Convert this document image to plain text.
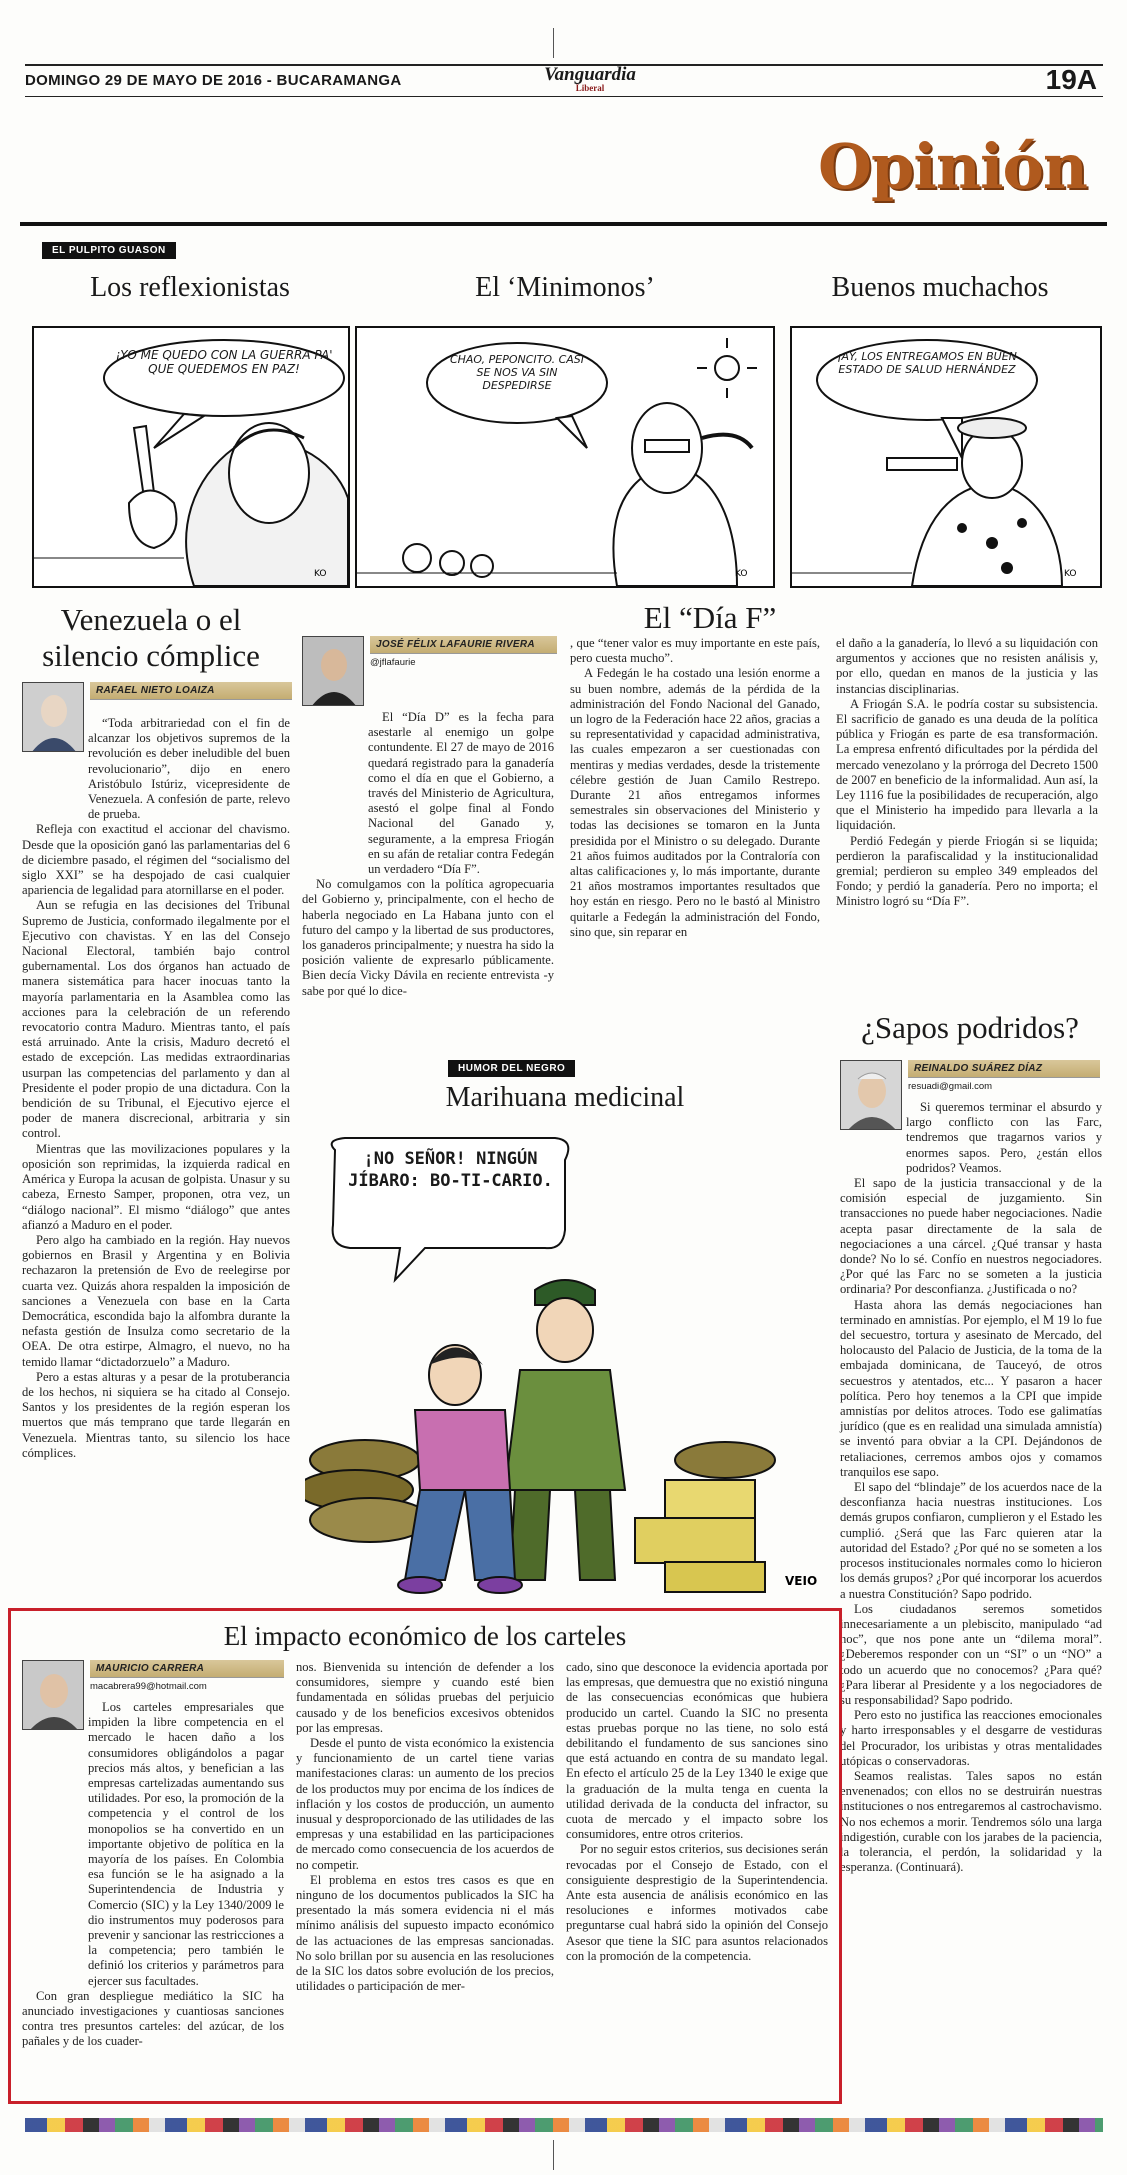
DOMINGO 29 DE MAYO DE 2016 - BUCARAMANGA	Vanguardia
Liberal	19A
Opinión
EL PULPITO GUASON
Los reflexionistas	El ‘Minimonos’	Buenos muchachos
¡YO ME QUEDO CON LA GUERRA PA' QUE QUEDEMOS EN PAZ!
KO
CHAO, PEPONCITO. CASI SE NOS VA SIN DESPEDIRSE
KO
¡AY, LOS ENTREGAMOS EN BUEN ESTADO DE SALUD HERNÁNDEZ
KO
Venezuela o el silencio cómplice
RAFAEL NIETO LOAIZA

“Toda arbitrariedad con el fin de alcanzar los objetivos supremos de la revolución es deber ineludible del buen revolucionario”, dijo en enero Aristóbulo Istúriz, vicepresidente de Venezuela. A confesión de parte, relevo de prueba.

Refleja con exactitud el accionar del chavismo. Desde que la oposición ganó las parlamentarias del 6 de diciembre pasado, el régimen del “socialismo del siglo XXI” se ha despojado de casi cualquier apariencia de legalidad para atornillarse en el poder.

Aun se refugia en las decisiones del Tribunal Supremo de Justicia, conformado ilegalmente por el Ejecutivo con chavistas. Y en las del Consejo Nacional Electoral, también bajo control gubernamental. Los dos órganos han actuado de manera sistemática para hacer inocuas tanto la mayoría parlamentaria en la Asamblea como las acciones para la celebración de un referendo revocatorio contra Maduro. Mientras tanto, el país está arruinado. Ante la crisis, Maduro decretó el estado de excepción. Las medidas extraordinarias usurpan las competencias del parlamento y dan al Presidente el poder propio de una dictadura. Con la bendición de su Tribunal, el Ejecutivo ejerce el poder de manera discrecional, arbitraria y sin control.

Mientras que las movilizaciones populares y la oposición son reprimidas, la izquierda radical en América y Europa la acusan de golpista. Unasur y su cabeza, Ernesto Samper, proponen, otra vez, un “diálogo nacional”. El mismo “diálogo” que antes afianzó a Maduro en el poder.

Pero algo ha cambiado en la región. Hay nuevos gobiernos en Brasil y Argentina y en Bolivia rechazaron la pretensión de Evo de reelegirse por cuarta vez. Quizás ahora respalden la imposición de sanciones a Venezuela con base en la Carta Democrática, escondida bajo la alfombra durante la nefasta gestión de Insulza como secretario de la OEA. De otra estirpe, Almagro, el nuevo, no ha temido llamar “dictadorzuelo” a Maduro.

Pero a estas alturas y a pesar de la protuberancia de los hechos, ni siquiera se ha citado al Consejo. Santos y los presidentes de la región esperan los muertos que más temprano que tarde llegarán en Venezuela. Mientras tanto, su silencio los hace cómplices.

El “Día F”
JOSÉ FÉLIX LAFAURIE RIVERA
@jflafaurie

El “Día D” es la fecha para asestarle al enemigo un golpe contundente. El 27 de mayo de 2016 quedará registrado para la ganadería como el día en que el Gobierno, a través del Ministerio de Agricultura, asestó el golpe final al Fondo Nacional del Ganado y, seguramente, a la empresa Friogán en su afán de retaliar contra Fedegán un verdadero “Día F”.

No comulgamos con la política agropecuaria del Gobierno y, principalmente, con el hecho de haberla negociado en La Habana junto con el futuro del campo y la libertad de sus productores, los ganaderos principalmente; y nuestra ha sido la posición valiente de expresarlo públicamente. Bien decía Vicky Dávila en reciente entrevista -y sabe por qué lo dice-

, que “tener valor es muy importante en este país, pero cuesta mucho”.

A Fedegán le ha costado una lesión enorme a su buen nombre, además de la pérdida de la administración del Fondo Nacional del Ganado, un logro de la Federación hace 22 años, gracias a su representatividad y capacidad administrativa, las cuales empezaron a ser cuestionadas con mentiras y medias verdades, desde la tristemente célebre gestión de Juan Camilo Restrepo. Durante 21 años entregamos informes semestrales sin observaciones del Ministerio y todas las decisiones se tomaron en la Junta presidida por el Ministro o su delegado. Durante 21 años fuimos auditados por la Contraloría con altas calificaciones y, lo más importante, durante 21 años mostramos importantes resultados que hoy están en riesgo. Pero no le bastó al Ministro quitarle a Fedegán la administración del Fondo, sino que, sin reparar en

el daño a la ganadería, lo llevó a su liquidación con argumentos y acciones que no resisten análisis y, por ello, quedan en manos de la justicia y las instancias disciplinarias.

A Friogán S.A. le podría costar su subsistencia. El sacrificio de ganado es una deuda de la política pública y Friogán es parte de esa transformación. La empresa enfrentó dificultades por la pérdida del mercado venezolano y la prórroga del Decreto 1500 de 2007 en beneficio de la informalidad. Aun así, la Ley 1116 fue la posibilidades de recuperación, algo que el Ministerio ha impedido para llevarla a la liquidación.

Perdió Fedegán y pierde Friogán si se liquida; perdieron la parafiscalidad y la institucionalidad gremial; perdieron su empleo 349 empleados del Fondo; y perdió la ganadería. Pero no importa; el Ministro logró su “Día F”.

HUMOR DEL NEGRO
Marihuana medicinal
¡NO SEÑOR! NINGÚN JÍBARO: BO-TI-CARIO.
VEIO
¿Sapos podridos?
REINALDO SUÁREZ DÍAZ
resuadi@gmail.com

Si queremos terminar el absurdo y largo conflicto con las Farc, tendremos que tragarnos varios y enormes sapos. Pero, ¿están ellos podridos? Veamos.

El sapo de la justicia transaccional y de la comisión especial de juzgamiento. Sin transacciones no puede haber negociaciones. Nadie acepta pasar directamente de la sala de negociaciones a una cárcel. ¿Qué transar y hasta donde? No lo sé. Confío en nuestros negociadores. ¿Por qué las Farc no se someten a la justicia ordinaria? Por desconfianza. ¿Justificada o no?

Hasta ahora las demás negociaciones han terminado en amnistías. Por ejemplo, el M 19 lo fue del secuestro, tortura y asesinato de Mercado, del holocausto del Palacio de Justicia, de la toma de la embajada dominicana, de Tauceyó, de otros secuestros y atentados, etc... Y pasaron a hacer política. Pero hoy tenemos a la CPI que impide amnistías por delitos atroces. Todo ese galimatías jurídico (que es en realidad una simulada amnistía) se inventó para obviar a la CPI. Dejándonos de retaliaciones, cerremos ambos ojos y comamos tranquilos ese sapo.

El sapo del “blindaje” de los acuerdos nace de la desconfianza hacia nuestras instituciones. Los demás grupos confiaron, cumplieron y el Estado les cumplió. ¿Será que las Farc quieren atar la autoridad del Estado? ¿Por qué no se someten a los procesos institucionales normales como lo hicieron los demás grupos? ¿Por qué incorporar los acuerdos a nuestra Constitución? Sapo podrido.

Los ciudadanos seremos sometidos innecesariamente a un plebiscito, manipulado “ad hoc”, que nos pone ante un “dilema moral”. ¿Deberemos responder con un “SI” o un “NO” a todo un acuerdo que no conocemos? ¿Para qué? ¿Para liberar al Presidente y a los negociadores de su responsabilidad? Sapo podrido.

Pero esto no justifica las reacciones emocionales y harto irresponsables y el desgarre de vestiduras del Procurador, los uribistas y otras mentalidades utópicas o conservadoras.

Seamos realistas. Tales sapos no están envenenados; con ellos no se destruirán nuestras instituciones o nos entregaremos al castrochavismo. No nos echemos a morir. Tendremos sólo una larga indigestión, curable con los jarabes de la paciencia, la tolerancia, el perdón, la solidaridad y la esperanza. (Continuará).

El impacto económico de los carteles
MAURICIO CARRERA
macabrera99@hotmail.com

Los carteles empresariales que impiden la libre competencia en el mercado le hacen daño a los consumidores obligándolos a pagar precios más altos, y benefician a las empresas cartelizadas aumentando sus utilidades. Por eso, la promoción de la competencia y el control de los monopolios se ha convertido en un importante objetivo de política en la mayoría de los países. En Colombia esa función se le ha asignado a la Superintendencia de Industria y Comercio (SIC) y la Ley 1340/2009 le dio instrumentos muy poderosos para prevenir y sancionar las restricciones a la competencia; pero también le definió los criterios y parámetros para ejercer sus facultades.

Con gran despliegue mediático la SIC ha anunciado investigaciones y cuantiosas sanciones contra tres presuntos carteles: del azúcar, de los pañales y de los cuader-

nos. Bienvenida su intención de defender a los consumidores, siempre y cuando esté bien fundamentada en sólidas pruebas del perjuicio causado y de los beneficios excesivos obtenidos por las empresas.

Desde el punto de vista económico la existencia y funcionamiento de un cartel tiene varias manifestaciones claras: un aumento de los precios de los productos muy por encima de los índices de inflación y los costos de producción, un aumento inusual y desproporcionado de las utilidades de las empresas y una estabilidad en las participaciones de mercado como consecuencia de los acuerdos de no competir.

El problema en estos tres casos es que en ninguno de los documentos publicados la SIC ha presentado la más somera evidencia ni el más mínimo análisis del supuesto impacto económico de las actuaciones de las empresas sancionadas. No solo brillan por su ausencia en las resoluciones de la SIC los datos sobre evolución de los precios, utilidades o participación de mer-

cado, sino que desconoce la evidencia aportada por las empresas, que demuestra que no existió ninguna de las consecuencias económicas que hubiera producido un cartel. Cuando la SIC no presenta estas pruebas porque no las tiene, no solo está debilitando el fundamento de sus sanciones sino que está actuando en contra de su mandato legal. En efecto el artículo 25 de la Ley 1340 le exige que la graduación de la multa tenga en cuenta la utilidad derivada de la conducta del infractor, su cuota de mercado y el impacto sobre los consumidores, entre otros criterios.

Por no seguir estos criterios, sus decisiones serán revocadas por el Consejo de Estado, con el consiguiente desprestigio de la Superintendencia. Ante esta ausencia de análisis económico en las resoluciones e informes motivados cabe preguntarse cual habrá sido la opinión del Consejo Asesor que tiene la SIC para asuntos relacionados con la promoción de la competencia.
